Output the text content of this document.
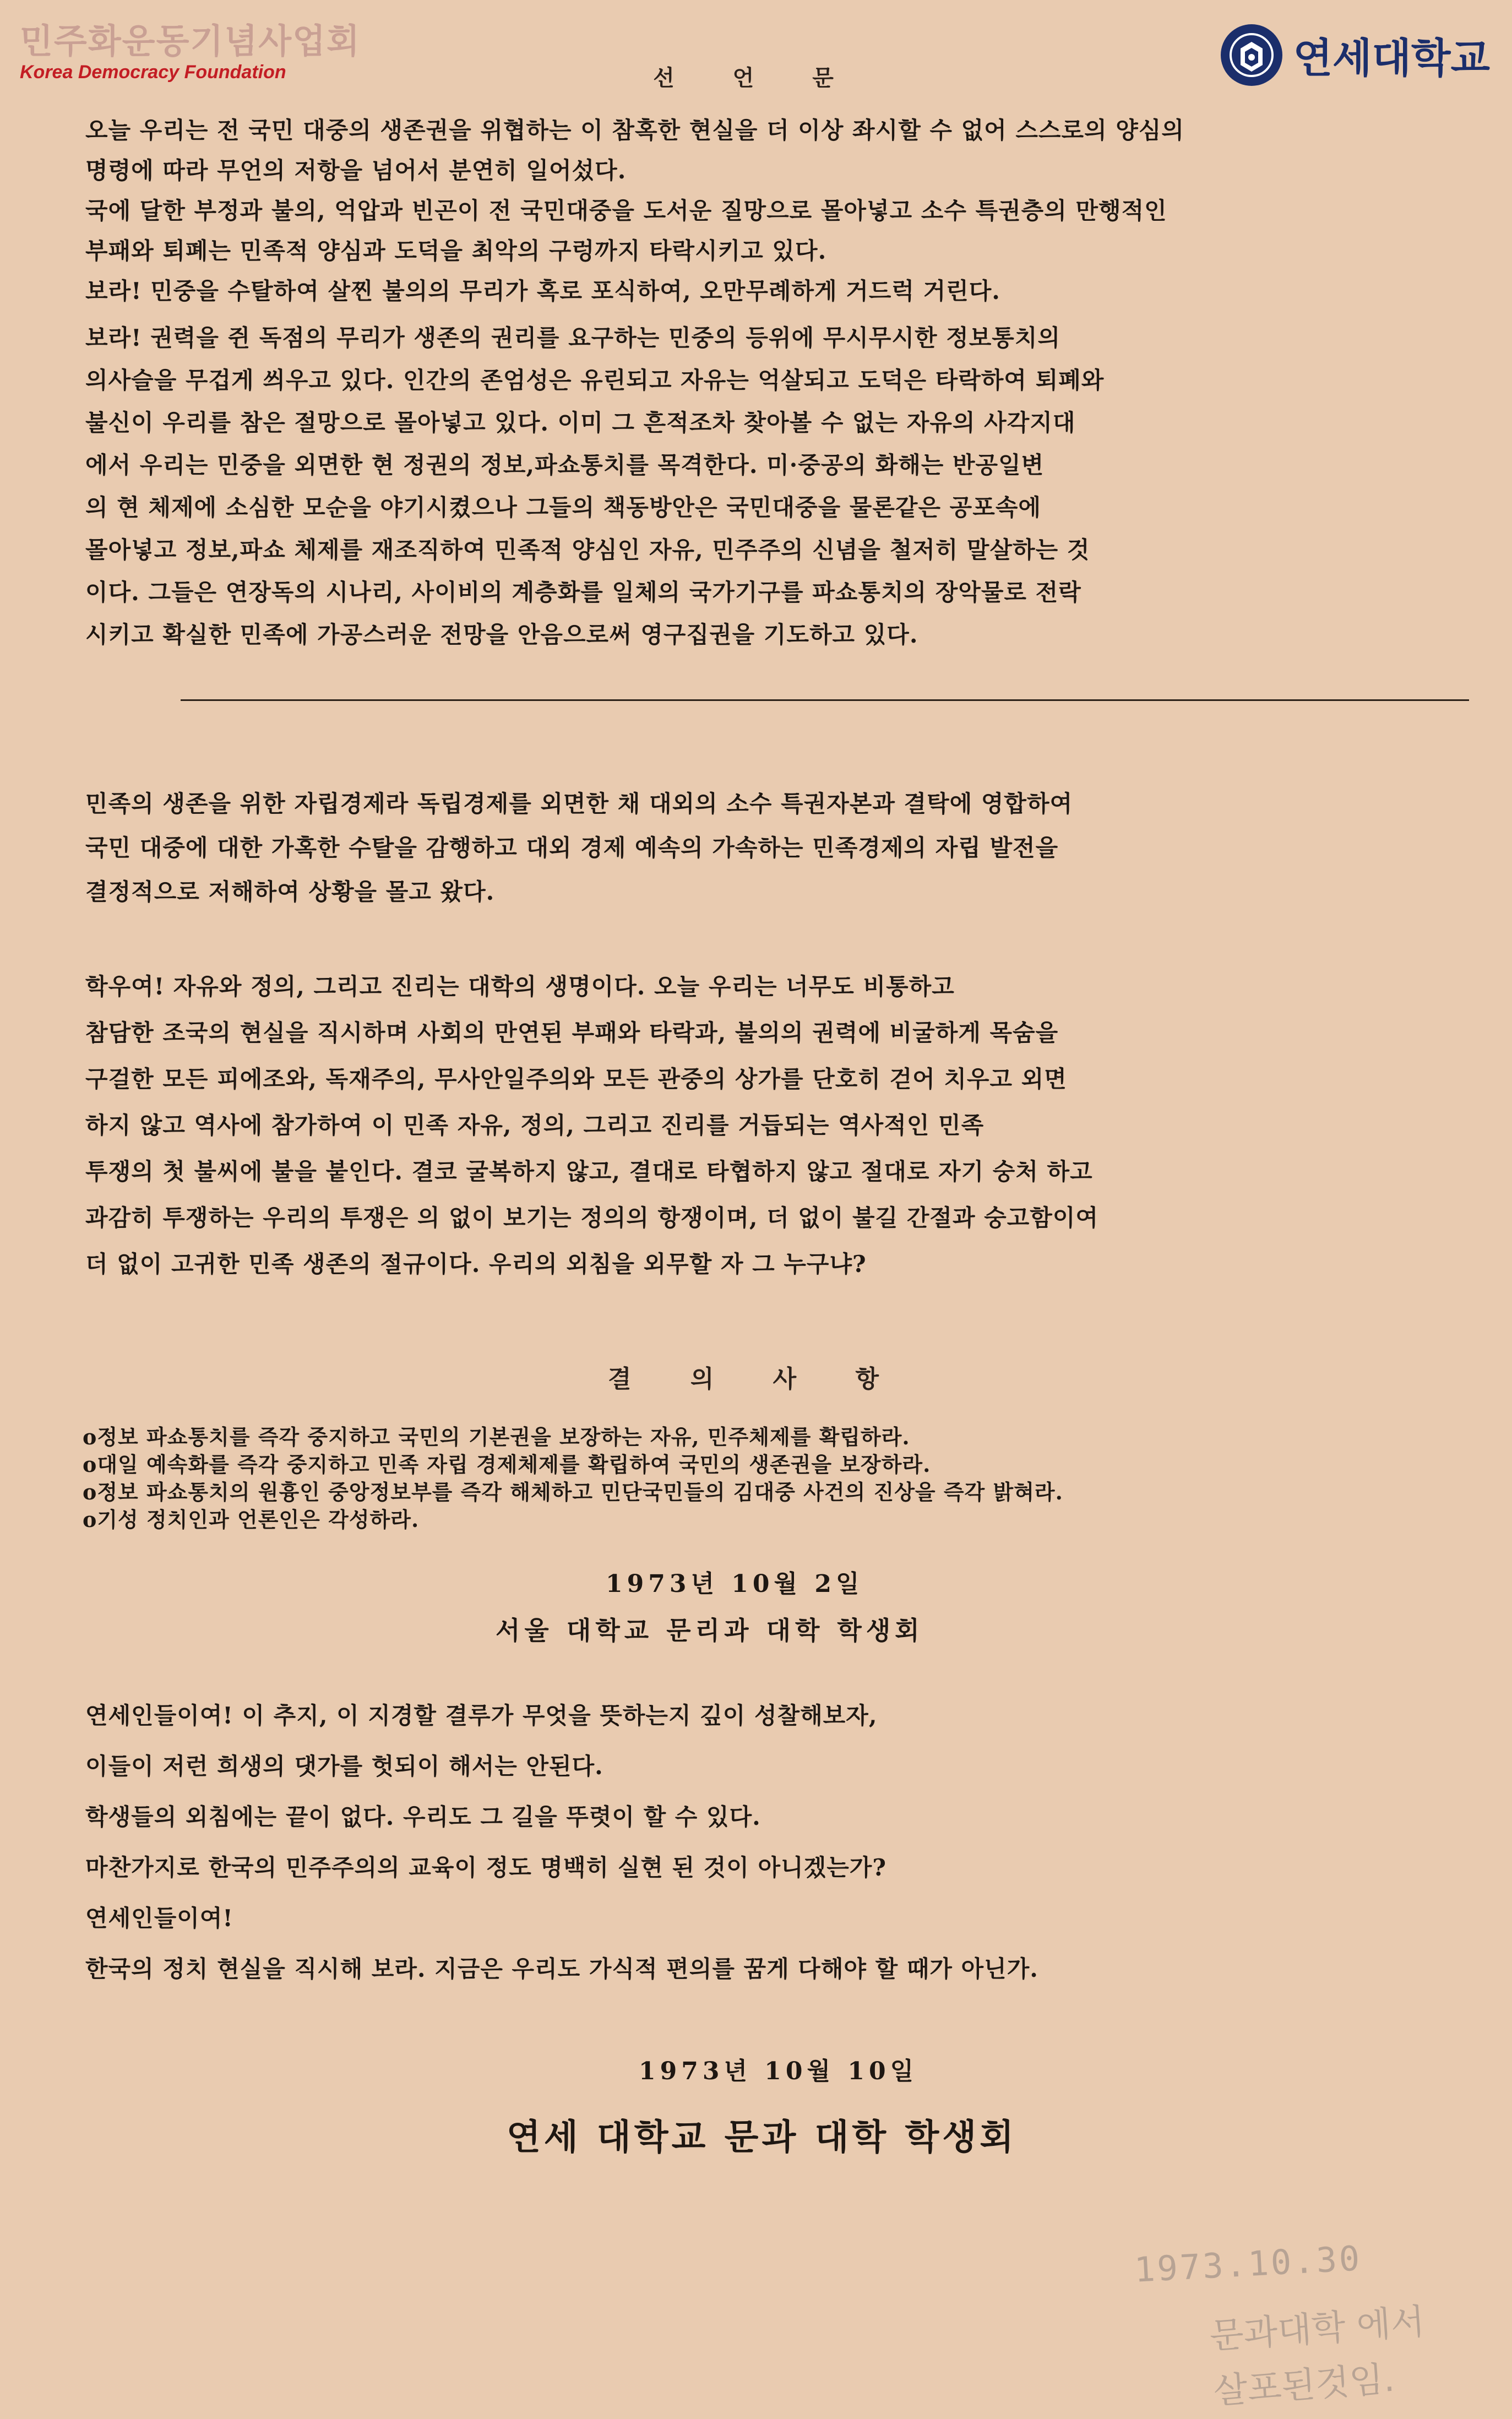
민주화운동기념사업회
Korea Democracy Foundation	연세대학교
선 언 문
오늘 우리는 전 국민 대중의 생존권을 위협하는 이 참혹한 현실을 더 이상 좌시할 수 없어 스스로의 양심의
명령에 따라 무언의 저항을 넘어서 분연히 일어섰다.
국에 달한 부정과 불의, 억압과 빈곤이 전 국민대중을 도서운 질망으로 몰아넣고 소수 특권층의 만행적인
부패와 퇴폐는 민족적 양심과 도덕을 최악의 구렁까지 타락시키고 있다.
보라! 민중을 수탈하여 살찐 불의의 무리가 혹로 포식하여, 오만무례하게 거드럭 거린다.
보라! 권력을 쥔 독점의 무리가 생존의 권리를 요구하는 민중의 등위에 무시무시한 정보통치의
의사슬을 무겁게 씌우고 있다. 인간의 존엄성은 유린되고 자유는 억살되고 도덕은 타락하여 퇴폐와
불신이 우리를 참은 절망으로 몰아넣고 있다. 이미 그 흔적조차 찾아볼 수 없는 자유의 사각지대
에서 우리는 민중을 외면한 현 정권의 정보,파쇼통치를 목격한다. 미·중공의 화해는 반공일변
의 현 체제에 소심한 모순을 야기시켰으나 그들의 책동방안은 국민대중을 물론같은 공포속에
몰아넣고 정보,파쇼 체제를 재조직하여 민족적 양심인 자유, 민주주의 신념을 철저히 말살하는 것
이다. 그들은 연장독의 시나리, 사이비의 계층화를 일체의 국가기구를 파쇼통치의 장악물로 전락
시키고 확실한 민족에 가공스러운 전망을 안음으로써 영구집권을 기도하고 있다.
민족의 생존을 위한 자립경제라 독립경제를 외면한 채 대외의 소수 특권자본과 결탁에 영합하여
국민 대중에 대한 가혹한 수탈을 감행하고 대외 경제 예속의 가속하는 민족경제의 자립 발전을
결정적으로 저해하여 상황을 몰고 왔다.
학우여! 자유와 정의, 그리고 진리는 대학의 생명이다. 오늘 우리는 너무도 비통하고
참담한 조국의 현실을 직시하며 사회의 만연된 부패와 타락과, 불의의 권력에 비굴하게 목숨을
구걸한 모든 피에조와, 독재주의, 무사안일주의와 모든 관중의 상가를 단호히 걷어 치우고 외면
하지 않고 역사에 참가하여 이 민족 자유, 정의, 그리고 진리를 거듭되는 역사적인 민족
투쟁의 첫 불씨에 불을 붙인다. 결코 굴복하지 않고, 결대로 타협하지 않고 절대로 자기 숭처 하고
과감히 투쟁하는 우리의 투쟁은 의 없이 보기는 정의의 항쟁이며, 더 없이 불길 간절과 숭고함이여
더 없이 고귀한 민족 생존의 절규이다. 우리의 외침을 외무할 자 그 누구냐?
결 의 사 항
o정보 파쇼통치를 즉각 중지하고 국민의 기본권을 보장하는 자유, 민주체제를 확립하라.
o대일 예속화를 즉각 중지하고 민족 자립 경제체제를 확립하여 국민의 생존권을 보장하라.
o정보 파쇼통치의 원흉인 중앙정보부를 즉각 해체하고 민단국민들의 김대중 사건의 진상을 즉각 밝혀라.
o기성 정치인과 언론인은 각성하라.
1973년 10월 2일
서울 대학교 문리과 대학 학생회
연세인들이여! 이 추지, 이 지경할 결루가 무엇을 뜻하는지 깊이 성찰해보자,
이들이 저런 희생의 댓가를 헛되이 해서는 안된다.
학생들의 외침에는 끝이 없다. 우리도 그 길을 뚜렷이 할 수 있다.
마찬가지로 한국의 민주주의의 교육이 정도 명백히 실현 된 것이 아니겠는가?
연세인들이여!
한국의 정치 현실을 직시해 보라. 지금은 우리도 가식적 편의를 꿈게 다해야 할 때가 아닌가.
1973년 10월 10일
연세 대학교 문과 대학 학생회
1973.10.30
문과대학 에서
살포된것임.
